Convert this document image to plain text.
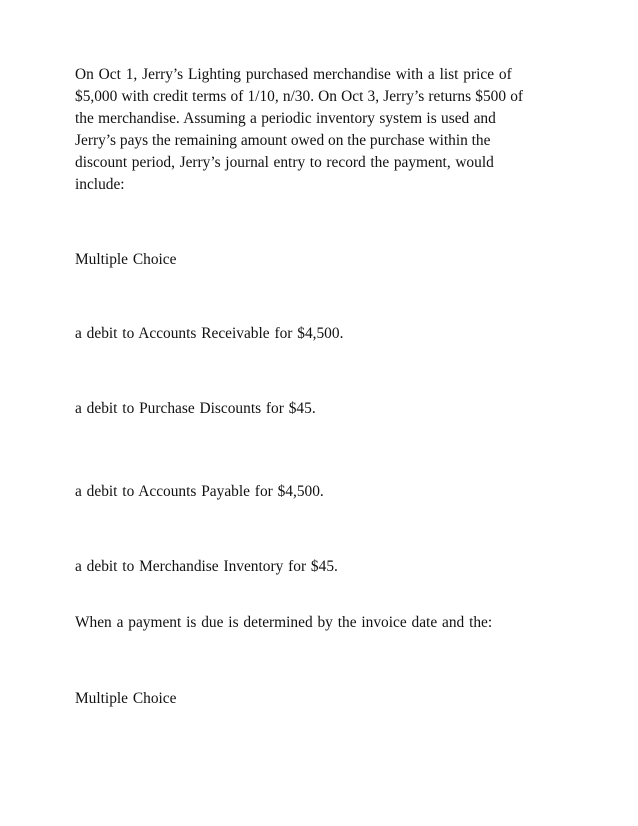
On Oct 1, Jerry’s Lighting purchased merchandise with a list price of
$5,000 with credit terms of 1/10, n/30. On Oct 3, Jerry’s returns $500 of
the merchandise. Assuming a periodic inventory system is used and
Jerry’s pays the remaining amount owed on the purchase within the
discount period, Jerry’s journal entry to record the payment, would
include:
Multiple Choice
a debit to Accounts Receivable for $4,500.
a debit to Purchase Discounts for $45.
a debit to Accounts Payable for $4,500.
a debit to Merchandise Inventory for $45.
When a payment is due is determined by the invoice date and the:
Multiple Choice
